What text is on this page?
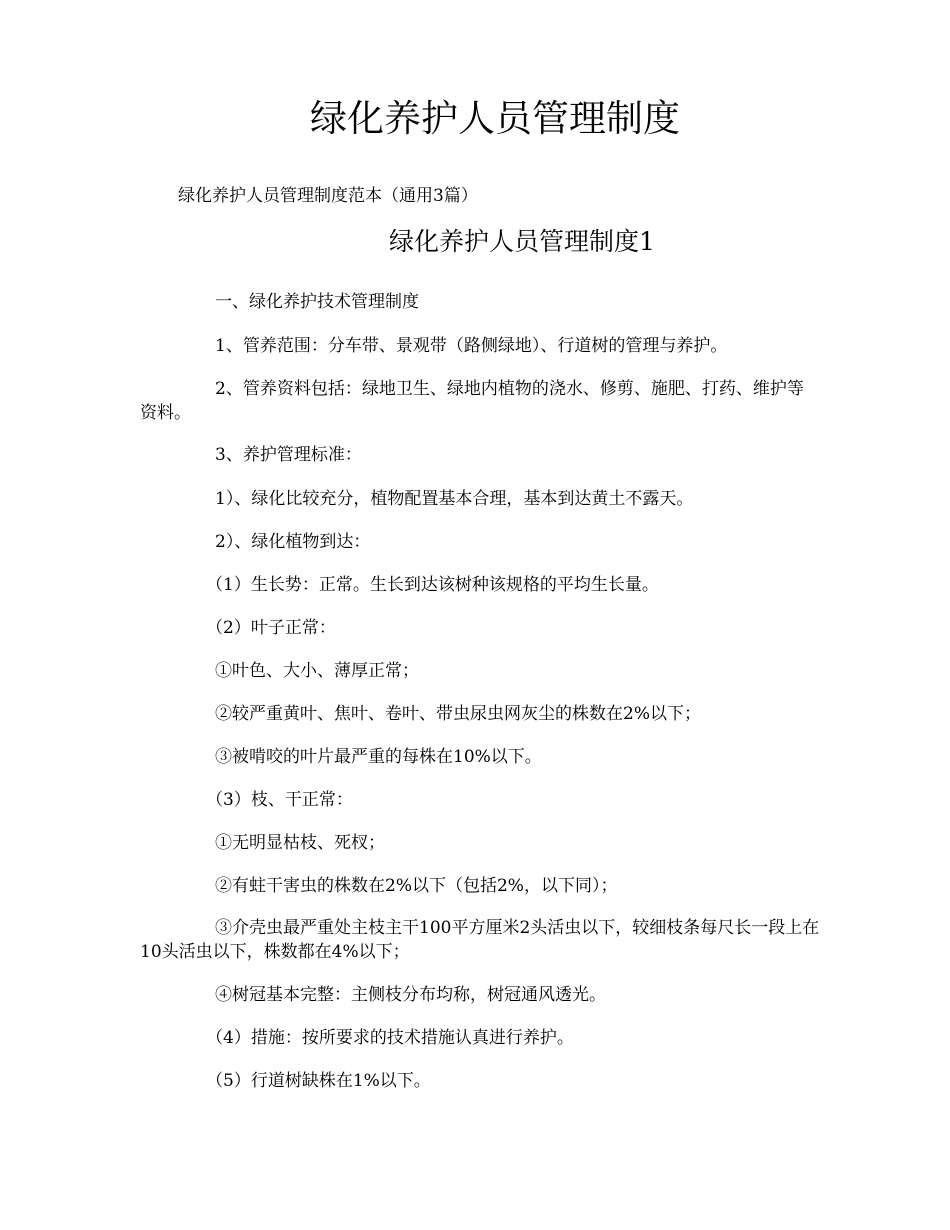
绿化养护人员管理制度

绿化养护人员管理制度范本（通用3篇）

绿化养护人员管理制度1

一、绿化养护技术管理制度

1、管养范围：分车带、景观带（路侧绿地）、行道树的管理与养护。

2、管养资料包括：绿地卫生、绿地内植物的浇水、修剪、施肥、打药、维护等资料。

3、养护管理标准：

1）、绿化比较充分，植物配置基本合理，基本到达黄土不露天。

2）、绿化植物到达：

（1）生长势：正常。生长到达该树种该规格的平均生长量。

（2）叶子正常：

①叶色、大小、薄厚正常；

②较严重黄叶、焦叶、卷叶、带虫尿虫网灰尘的株数在2%以下；

③被啃咬的叶片最严重的每株在10%以下。

（3）枝、干正常：

①无明显枯枝、死杈；

②有蛀干害虫的株数在2%以下（包括2%，以下同）；

③介壳虫最严重处主枝主干100平方厘米2头活虫以下，较细枝条每尺长一段上在10头活虫以下，株数都在4%以下；

④树冠基本完整：主侧枝分布均称，树冠通风透光。

（4）措施：按所要求的技术措施认真进行养护。

（5）行道树缺株在1%以下。
